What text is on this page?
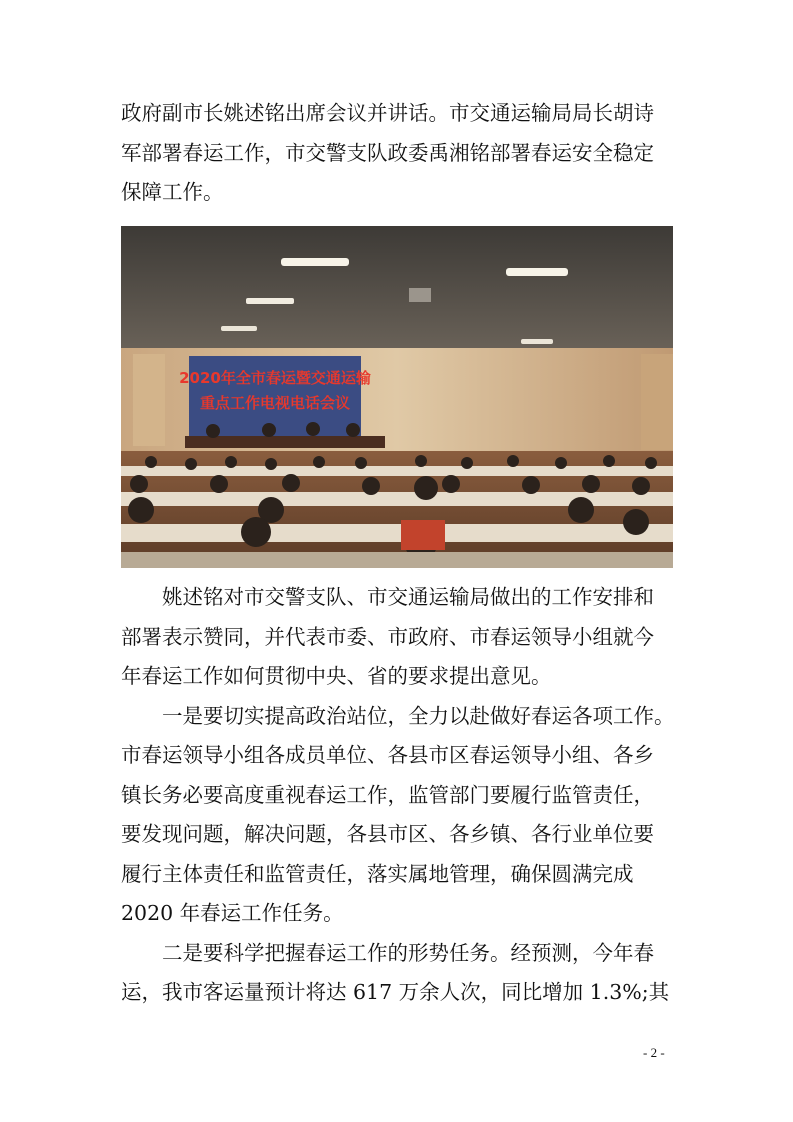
政府副市长姚述铭出席会议并讲话。市交通运输局局长胡诗

军部署春运工作，市交警支队政委禹湘铭部署春运安全稳定

保障工作。

2020年全市春运暨交通运输
重点工作电视电话会议

姚述铭对市交警支队、市交通运输局做出的工作安排和

部署表示赞同，并代表市委、市政府、市春运领导小组就今

年春运工作如何贯彻中央、省的要求提出意见。

一是要切实提高政治站位，全力以赴做好春运各项工作。

市春运领导小组各成员单位、各县市区春运领导小组、各乡

镇长务必要高度重视春运工作，监管部门要履行监管责任，

要发现问题，解决问题，各县市区、各乡镇、各行业单位要

履行主体责任和监管责任，落实属地管理，确保圆满完成

2020 年春运工作任务。

二是要科学把握春运工作的形势任务。经预测，今年春

运，我市客运量预计将达 617 万余人次，同比增加 1.3%;其

- 2 -
